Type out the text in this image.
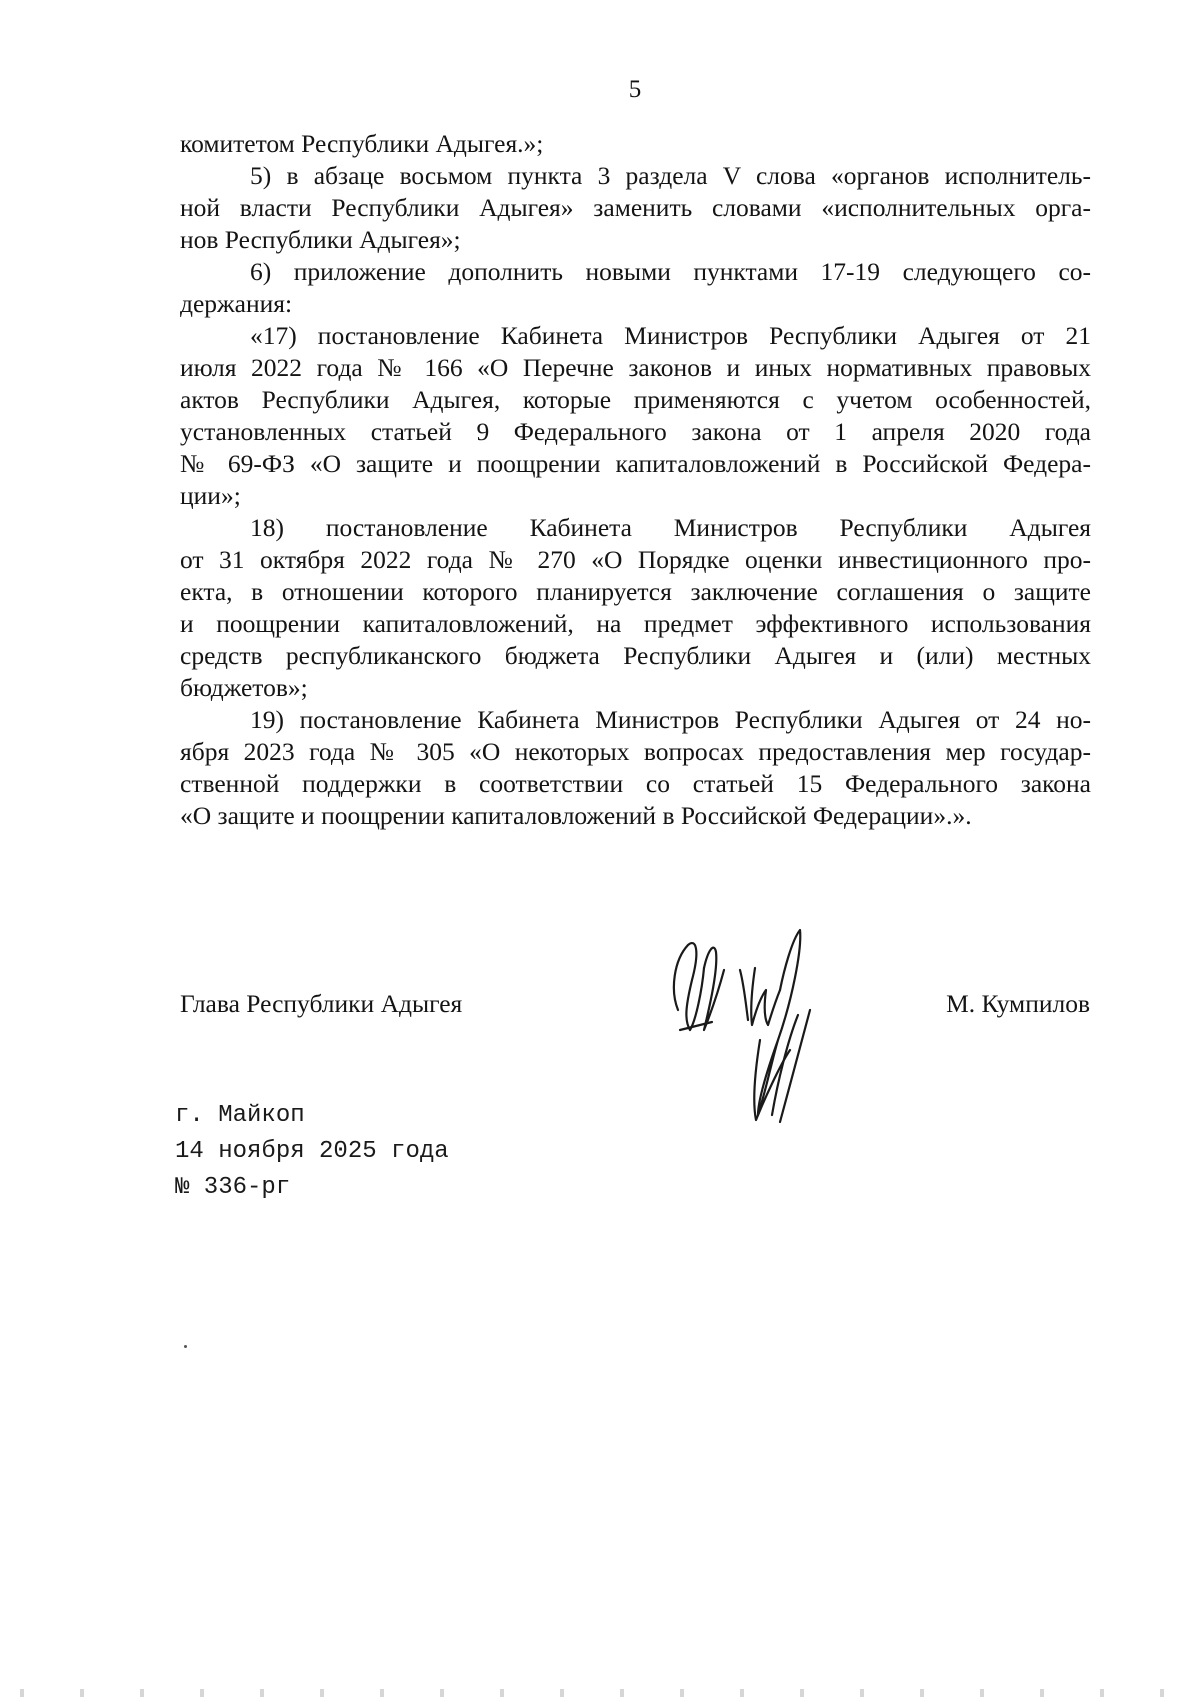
5
комитетом Республики Адыгея.»;
5) в абзаце восьмом пункта 3 раздела V слова «органов исполнитель-
ной власти Республики Адыгея» заменить словами «исполнительных орга-
нов Республики Адыгея»;
6) приложение дополнить новыми пунктами 17-19 следующего со-
держания:
«17) постановление Кабинета Министров Республики Адыгея от 21
июля 2022 года № 166 «О Перечне законов и иных нормативных правовых
актов Республики Адыгея, которые применяются с учетом особенностей,
установленных статьей 9 Федерального закона от 1 апреля 2020 года
№ 69-ФЗ «О защите и поощрении капиталовложений в Российской Федера-
ции»;
18) постановление Кабинета Министров Республики Адыгея
от 31 октября 2022 года № 270 «О Порядке оценки инвестиционного про-
екта, в отношении которого планируется заключение соглашения о защите
и поощрении капиталовложений, на предмет эффективного использования
средств республиканского бюджета Республики Адыгея и (или) местных
бюджетов»;
19) постановление Кабинета Министров Республики Адыгея от 24 но-
ября 2023 года № 305 «О некоторых вопросах предоставления мер государ-
ственной поддержки в соответствии со статьей 15 Федерального закона
«О защите и поощрении капиталовложений в Российской Федерации».».
Глава Республики Адыгея	М. Кумпилов
г. Майкоп
14 ноября 2025 года
№ 336-рг
